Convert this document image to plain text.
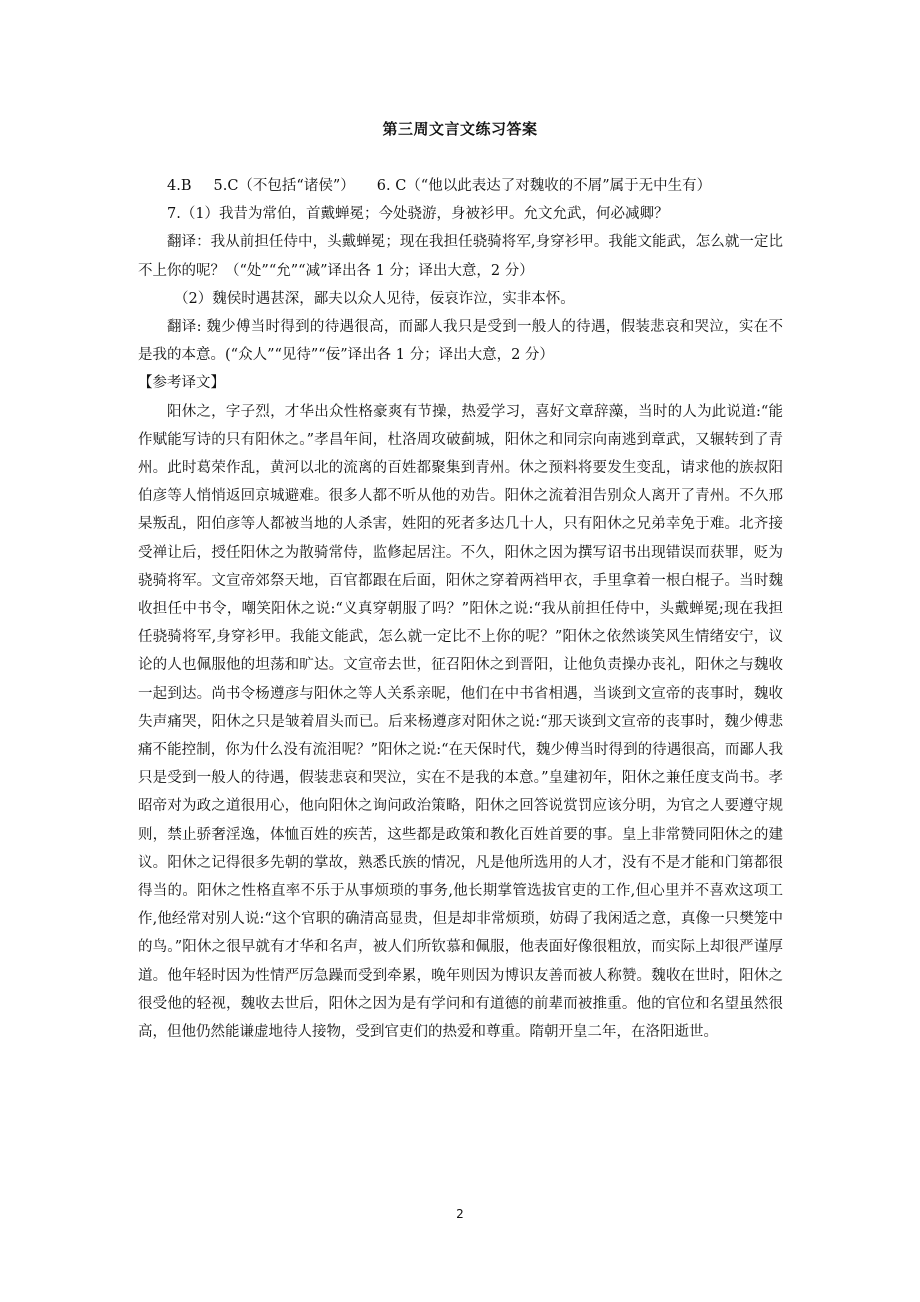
第三周文言文练习答案
4.B 5.C（不包括“诸侯”） 6. C（“他以此表达了对魏收的不屑”属于无中生有）
7.（1）我昔为常伯，首戴蝉冕；今处骁游，身被衫甲。允文允武，何必减卿？
翻译：我从前担任侍中，头戴蝉冕；现在我担任骁骑将军,身穿衫甲。我能文能武，怎么就一定比不上你的呢？（“处”“允”“减”译出各 1 分；译出大意，2 分）
（2）魏侯时遇甚深，鄙夫以众人见待，佞哀诈泣，实非本怀。
翻译: 魏少傅当时得到的待遇很高，而鄙人我只是受到一般人的待遇，假装悲哀和哭泣，实在不是我的本意。(“众人”“见待”“佞”译出各 1 分；译出大意，2 分）
【参考译文】
阳休之，字子烈，才华出众性格豪爽有节操，热爱学习，喜好文章辞藻，当时的人为此说道:“能作赋能写诗的只有阳休之。”孝昌年间，杜洛周攻破蓟城，阳休之和同宗向南逃到章武，又辗转到了青州。此时葛荣作乱，黄河以北的流离的百姓都聚集到青州。休之预料将要发生变乱，请求他的族叔阳伯彦等人悄悄返回京城避难。很多人都不听从他的劝告。阳休之流着泪告别众人离开了青州。不久邢杲叛乱，阳伯彦等人都被当地的人杀害，姓阳的死者多达几十人，只有阳休之兄弟幸免于难。北齐接受禅让后，授任阳休之为散骑常侍，监修起居注。不久，阳休之因为撰写诏书出现错误而获罪，贬为骁骑将军。文宣帝郊祭天地，百官都跟在后面，阳休之穿着两裆甲衣，手里拿着一根白棍子。当时魏收担任中书令，嘲笑阳休之说:“义真穿朝服了吗？”阳休之说:“我从前担任侍中，头戴蝉冕;现在我担任骁骑将军,身穿衫甲。我能文能武，怎么就一定比不上你的呢？”阳休之依然谈笑风生情绪安宁，议论的人也佩服他的坦荡和旷达。文宣帝去世，征召阳休之到晋阳，让他负责操办丧礼，阳休之与魏收一起到达。尚书令杨遵彦与阳休之等人关系亲昵，他们在中书省相遇，当谈到文宣帝的丧事时，魏收失声痛哭，阳休之只是皱着眉头而已。后来杨遵彦对阳休之说:“那天谈到文宣帝的丧事时，魏少傅悲痛不能控制，你为什么没有流泪呢？”阳休之说:“在天保时代，魏少傅当时得到的待遇很高，而鄙人我只是受到一般人的待遇，假装悲哀和哭泣，实在不是我的本意。”皇建初年，阳休之兼任度支尚书。孝昭帝对为政之道很用心，他向阳休之询问政治策略，阳休之回答说赏罚应该分明，为官之人要遵守规则，禁止骄奢淫逸，体恤百姓的疾苦，这些都是政策和教化百姓首要的事。皇上非常赞同阳休之的建议。阳休之记得很多先朝的掌故，熟悉氏族的情况，凡是他所选用的人才，没有不是才能和门第都很得当的。阳休之性格直率不乐于从事烦琐的事务,他长期掌管选拔官吏的工作,但心里并不喜欢这项工作,他经常对别人说:“这个官职的确清高显贵，但是却非常烦琐，妨碍了我闲适之意，真像一只樊笼中的鸟。”阳休之很早就有才华和名声，被人们所钦慕和佩服，他表面好像很粗放，而实际上却很严谨厚道。他年轻时因为性情严厉急躁而受到牵累，晚年则因为博识友善而被人称赞。魏收在世时，阳休之很受他的轻视，魏收去世后，阳休之因为是有学问和有道德的前辈而被推重。他的官位和名望虽然很高，但他仍然能谦虚地待人接物，受到官吏们的热爱和尊重。隋朝开皇二年，在洛阳逝世。
2
